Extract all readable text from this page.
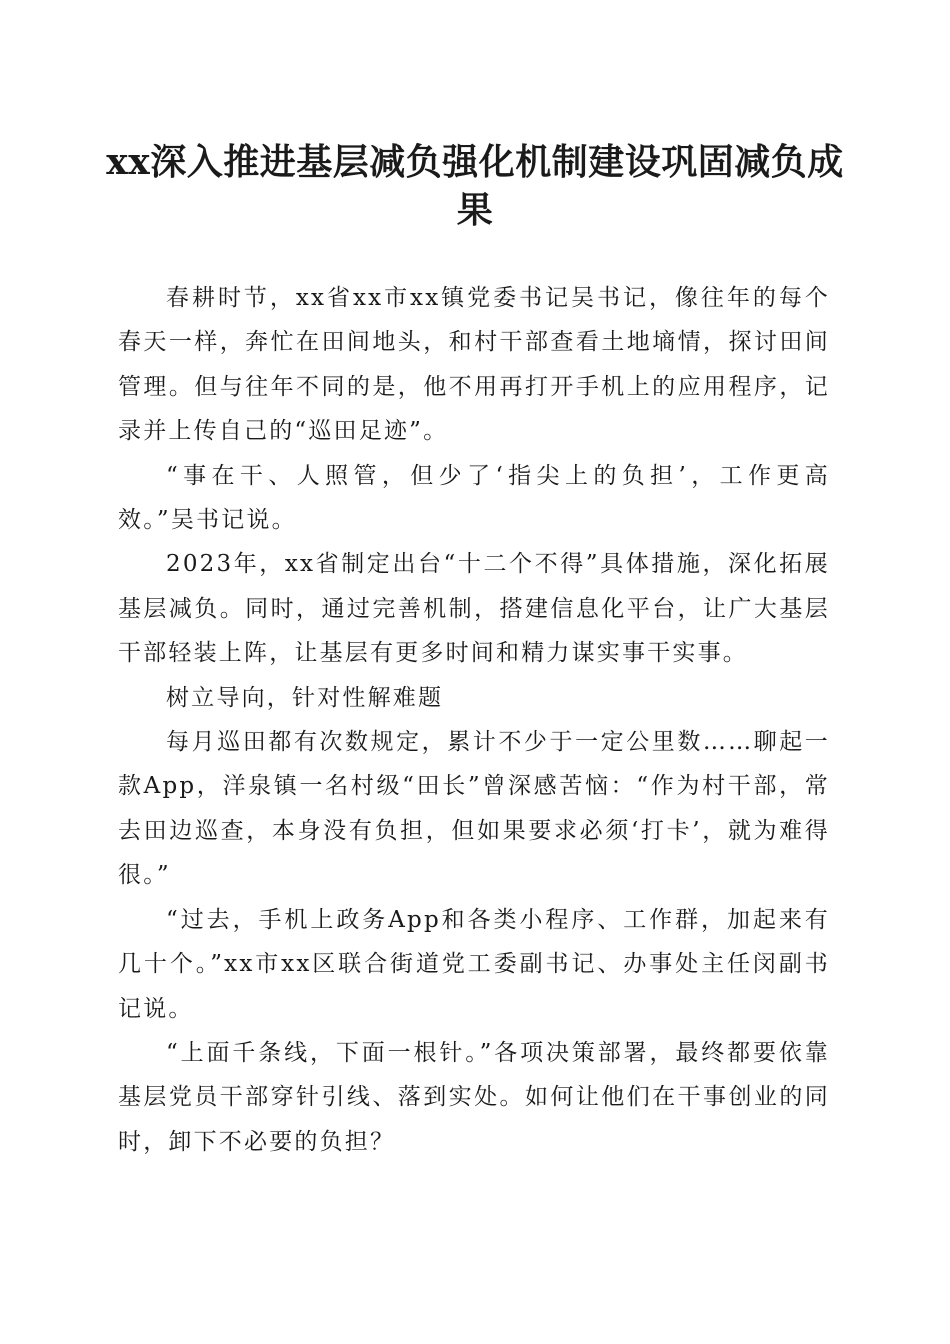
xx深入推进基层减负强化机制建设巩固减负成果

春耕时节，xx省xx市xx镇党委书记吴书记，像往年的每个春天一样，奔忙在田间地头，和村干部查看土地墒情，探讨田间管理。但与往年不同的是，他不用再打开手机上的应用程序，记录并上传自己的“巡田足迹”。

“事在干、人照管，但少了‘指尖上的负担’，工作更高效。”吴书记说。

2023年，xx省制定出台“十二个不得”具体措施，深化拓展基层减负。同时，通过完善机制，搭建信息化平台，让广大基层干部轻装上阵，让基层有更多时间和精力谋实事干实事。

树立导向，针对性解难题

每月巡田都有次数规定，累计不少于一定公里数……聊起一款App，洋泉镇一名村级“田长”曾深感苦恼：“作为村干部，常去田边巡查，本身没有负担，但如果要求必须‘打卡’，就为难得很。”

“过去，手机上政务App和各类小程序、工作群，加起来有几十个。”xx市xx区联合街道党工委副书记、办事处主任闵副书记说。

“上面千条线，下面一根针。”各项决策部署，最终都要依靠基层党员干部穿针引线、落到实处。如何让他们在干事创业的同时，卸下不必要的负担？
